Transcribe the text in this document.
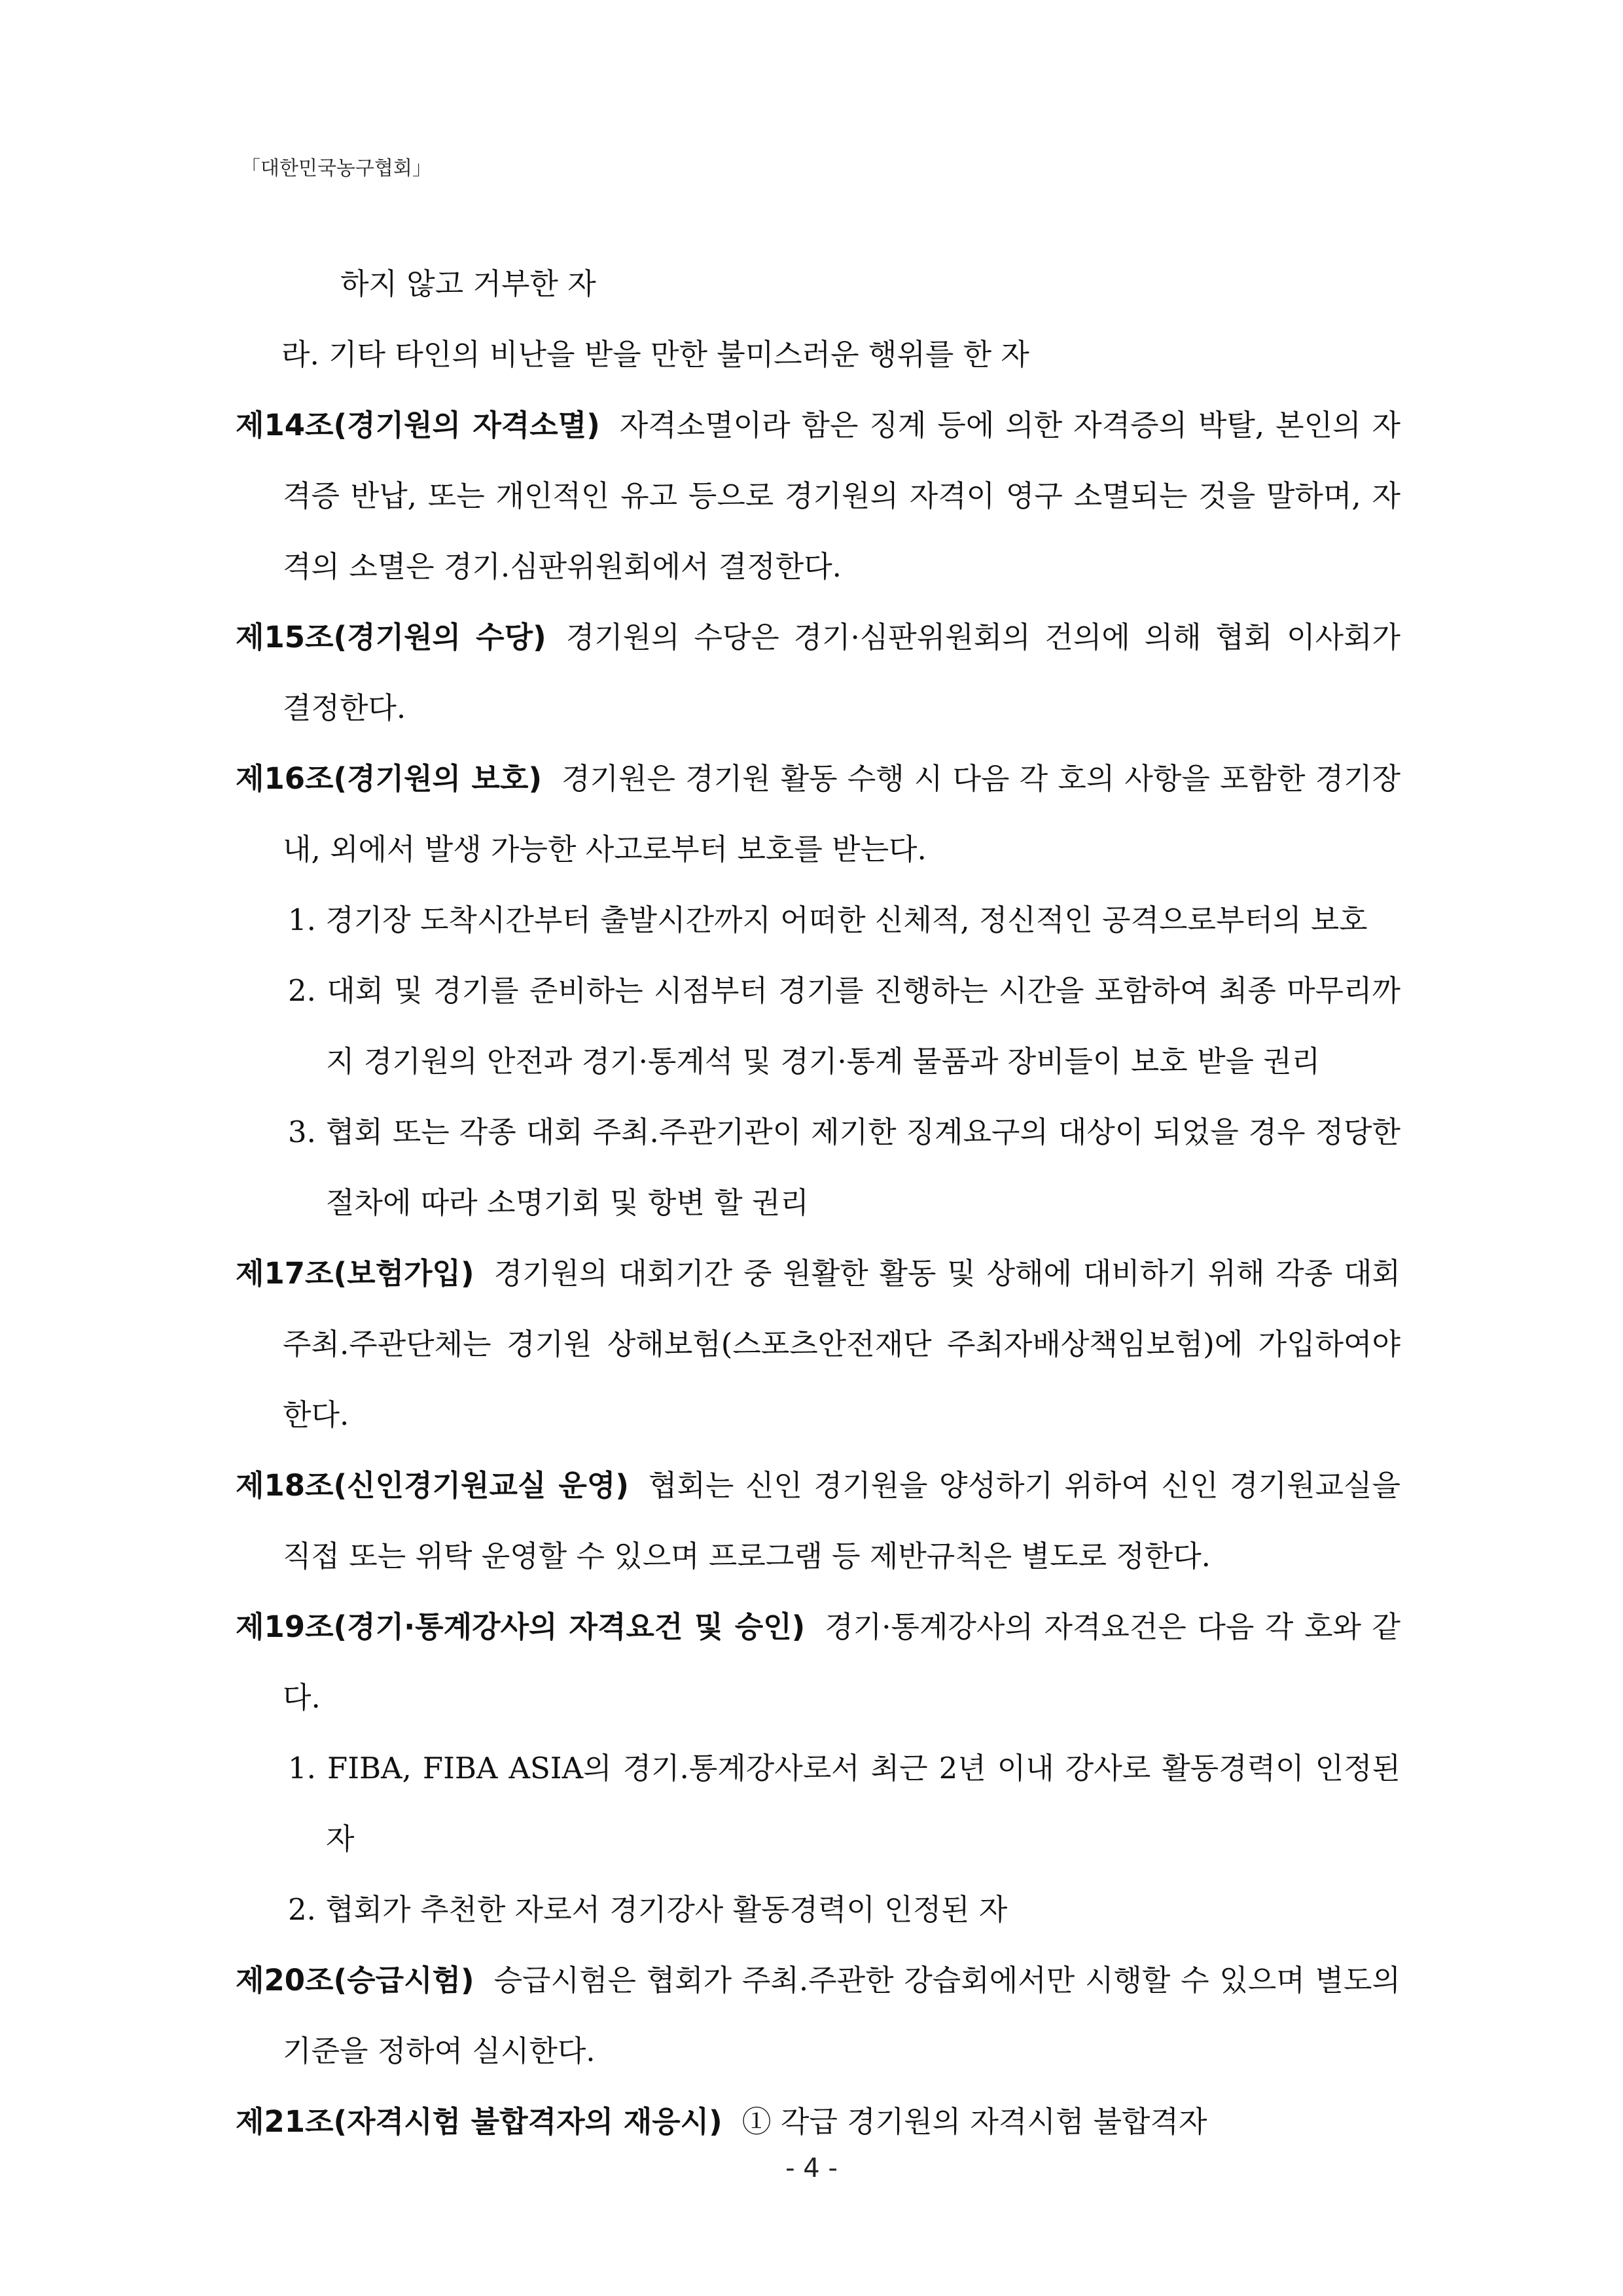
「대한민국농구협회」

하지 않고 거부한 자

라. 기타 타인의 비난을 받을 만한 불미스러운 행위를 한 자

제14조(경기원의 자격소멸) 자격소멸이라 함은 징계 등에 의한 자격증의 박탈, 본인의 자격증 반납, 또는 개인적인 유고 등으로 경기원의 자격이 영구 소멸되는 것을 말하며, 자격의 소멸은 경기.심판위원회에서 결정한다.

제15조(경기원의 수당) 경기원의 수당은 경기·심판위원회의 건의에 의해 협회 이사회가 결정한다.

제16조(경기원의 보호) 경기원은 경기원 활동 수행 시 다음 각 호의 사항을 포함한 경기장 내, 외에서 발생 가능한 사고로부터 보호를 받는다.

1. 경기장 도착시간부터 출발시간까지 어떠한 신체적, 정신적인 공격으로부터의 보호

2. 대회 및 경기를 준비하는 시점부터 경기를 진행하는 시간을 포함하여 최종 마무리까지 경기원의 안전과 경기·통계석 및 경기·통계 물품과 장비들이 보호 받을 권리

3. 협회 또는 각종 대회 주최.주관기관이 제기한 징계요구의 대상이 되었을 경우 정당한 절차에 따라 소명기회 및 항변 할 권리

제17조(보험가입) 경기원의 대회기간 중 원활한 활동 및 상해에 대비하기 위해 각종 대회 주최.주관단체는 경기원 상해보험(스포츠안전재단 주최자배상책임보험)에 가입하여야 한다.

제18조(신인경기원교실 운영) 협회는 신인 경기원을 양성하기 위하여 신인 경기원교실을 직접 또는 위탁 운영할 수 있으며 프로그램 등 제반규칙은 별도로 정한다.

제19조(경기·통계강사의 자격요건 및 승인) 경기·통계강사의 자격요건은 다음 각 호와 같다.

1. FIBA, FIBA ASIA의 경기.통계강사로서 최근 2년 이내 강사로 활동경력이 인정된 자

2. 협회가 추천한 자로서 경기강사 활동경력이 인정된 자

제20조(승급시험) 승급시험은 협회가 주최.주관한 강습회에서만 시행할 수 있으며 별도의 기준을 정하여 실시한다.

제21조(자격시험 불합격자의 재응시) ① 각급 경기원의 자격시험 불합격자

- 4 -
